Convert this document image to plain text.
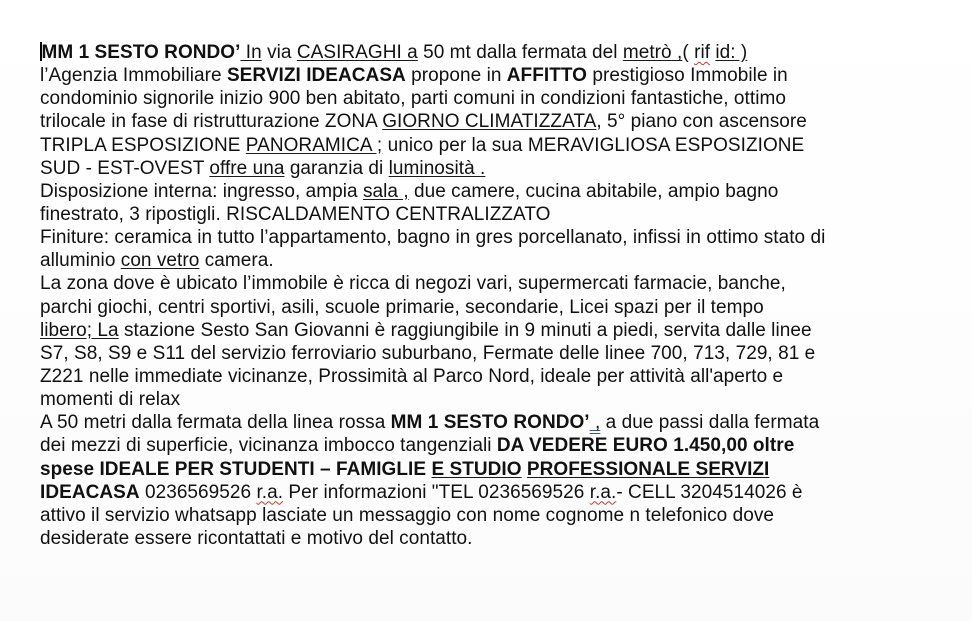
MM 1 SESTO RONDO’ In via CASIRAGHI a 50 mt dalla fermata del metrò ,( rif id: )
l’Agenzia Immobiliare SERVIZI IDEACASA propone in AFFITTO prestigioso Immobile in
condominio signorile inizio 900 ben abitato, parti comuni in condizioni fantastiche, ottimo
trilocale in fase di ristrutturazione ZONA GIORNO CLIMATIZZATA, 5° piano con ascensore
TRIPLA ESPOSIZIONE PANORAMICA ; unico per la sua MERAVIGLIOSA ESPOSIZIONE
SUD - EST-OVEST offre una garanzia di luminosità .
Disposizione interna: ingresso, ampia sala , due camere, cucina abitabile, ampio bagno
finestrato, 3 ripostigli. RISCALDAMENTO CENTRALIZZATO
Finiture: ceramica in tutto l’appartamento, bagno in gres porcellanato, infissi in ottimo stato di
alluminio con vetro camera.
La zona dove è ubicato l’immobile è ricca di negozi vari, supermercati farmacie, banche,
parchi giochi, centri sportivi, asili, scuole primarie, secondarie, Licei spazi per il tempo
libero; La stazione Sesto San Giovanni è raggiungibile in 9 minuti a piedi, servita dalle linee
S7, S8, S9 e S11 del servizio ferroviario suburbano, Fermate delle linee 700, 713, 729, 81 e
Z221 nelle immediate vicinanze, Prossimità al Parco Nord, ideale per attività all'aperto e
momenti di relax
A 50 metri dalla fermata della linea rossa MM 1 SESTO RONDO’ , a due passi dalla fermata
dei mezzi di superficie, vicinanza imbocco tangenziali DA VEDERE EURO 1.450,00 oltre
spese IDEALE PER STUDENTI – FAMIGLIE E STUDIO PROFESSIONALE SERVIZI
IDEACASA 0236569526 r.a. Per informazioni "TEL 0236569526 r.a.- CELL 3204514026 è
attivo il servizio whatsapp lasciate un messaggio con nome cognome n telefonico dove
desiderate essere ricontattati e motivo del contatto.
